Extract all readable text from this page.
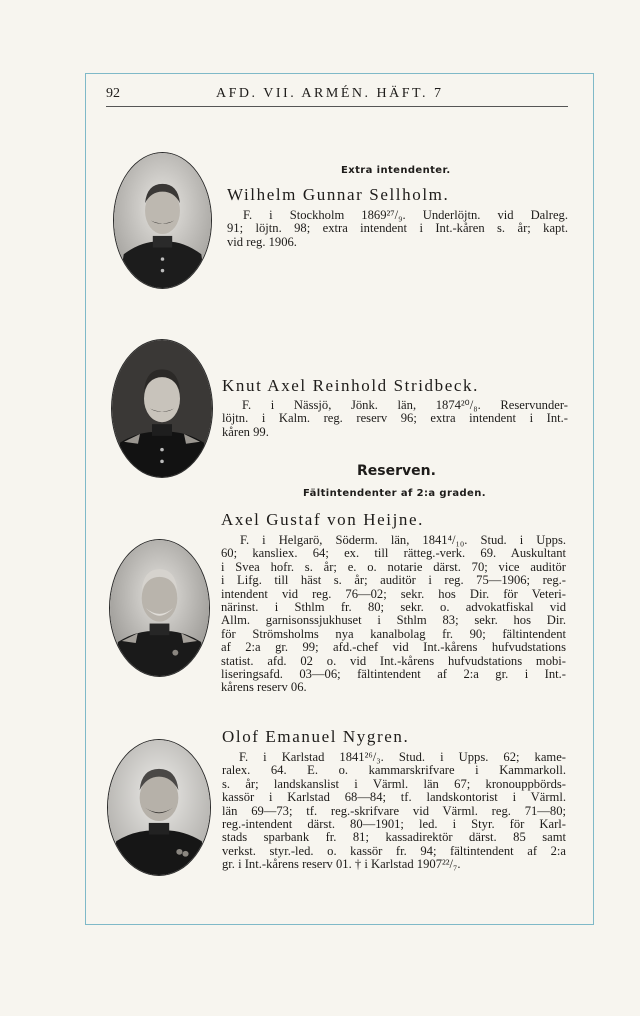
92	AFD. VII. ARMÉN. HÄFT. 7
Extra intendenter.
Wilhelm Gunnar Sellholm.

F. i Stockholm 1869²⁷/₉. Underlöjtn. vid Dalreg.

91; löjtn. 98; extra intendent i Int.-kåren s. år; kapt.

vid reg. 1906.

Knut Axel Reinhold Stridbeck.

F. i Nässjö, Jönk. län, 1874²⁰/₈. Reservunder-

löjtn. i Kalm. reg. reserv 96; extra intendent i Int.-

kåren 99.

Reserven.
Fältintendenter af 2:a graden.
Axel Gustaf von Heijne.

F. i Helgarö, Söderm. län, 1841⁴/₁₀. Stud. i Upps.

60; kansliex. 64; ex. till rätteg.-verk. 69. Auskultant

i Svea hofr. s. år; e. o. notarie därst. 70; vice auditör

i Lifg. till häst s. år; auditör i reg. 75—1906; reg.-

intendent vid reg. 76—02; sekr. hos Dir. för Veteri-

närinst. i Sthlm fr. 80; sekr. o. advokatfiskal vid

Allm. garnisonssjukhuset i Sthlm 83; sekr. hos Dir.

för Strömsholms nya kanalbolag fr. 90; fältintendent

af 2:a gr. 99; afd.-chef vid Int.-kårens hufvudstations

statist. afd. 02 o. vid Int.-kårens hufvudstations mobi-

liseringsafd. 03—06; fältintendent af 2:a gr. i Int.-

kårens reserv 06.

Olof Emanuel Nygren.

F. i Karlstad 1841²⁶/₃. Stud. i Upps. 62; kame-

ralex. 64. E. o. kammarskrifvare i Kammarkoll.

s. år; landskanslist i Värml. län 67; kronouppbörds-

kassör i Karlstad 68—84; tf. landskontorist i Värml.

län 69—73; tf. reg.-skrifvare vid Värml. reg. 71—80;

reg.-intendent därst. 80—1901; led. i Styr. för Karl-

stads sparbank fr. 81; kassadirektör därst. 85 samt

verkst. styr.-led. o. kassör fr. 94; fältintendent af 2:a

gr. i Int.-kårens reserv 01. † i Karlstad 1907²²/₇.
